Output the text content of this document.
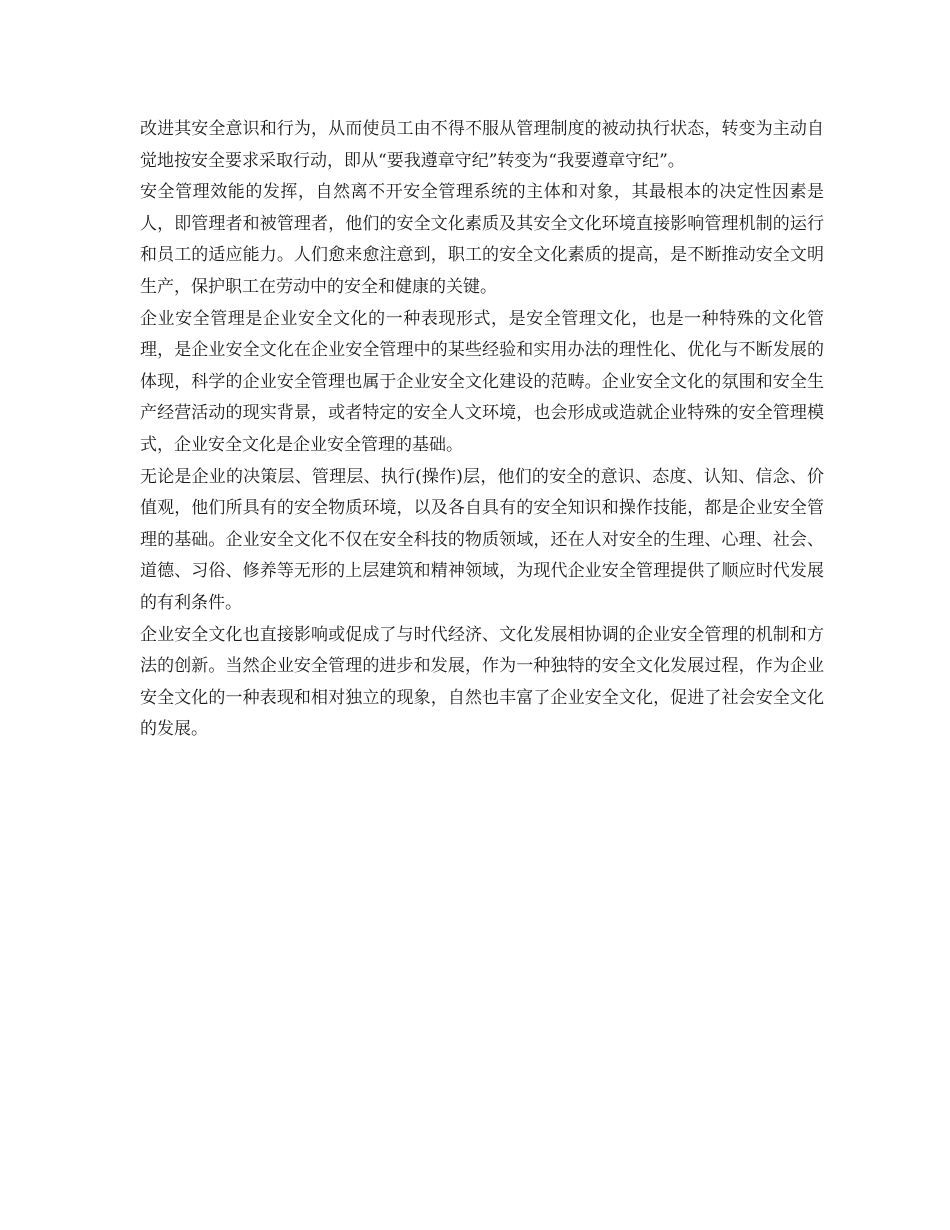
改进其安全意识和行为，从而使员工由不得不服从管理制度的被动执行状态，转变为主动自觉地按安全要求采取行动，即从“要我遵章守纪”转变为“我要遵章守纪”。

安全管理效能的发挥，自然离不开安全管理系统的主体和对象，其最根本的决定性因素是人，即管理者和被管理者，他们的安全文化素质及其安全文化环境直接影响管理机制的运行和员工的适应能力。人们愈来愈注意到，职工的安全文化素质的提高，是不断推动安全文明生产，保护职工在劳动中的安全和健康的关键。

企业安全管理是企业安全文化的一种表现形式，是安全管理文化，也是一种特殊的文化管理，是企业安全文化在企业安全管理中的某些经验和实用办法的理性化、优化与不断发展的体现，科学的企业安全管理也属于企业安全文化建设的范畴。企业安全文化的氛围和安全生产经营活动的现实背景，或者特定的安全人文环境，也会形成或造就企业特殊的安全管理模式，企业安全文化是企业安全管理的基础。

无论是企业的决策层、管理层、执行(操作)层，他们的安全的意识、态度、认知、信念、价值观，他们所具有的安全物质环境，以及各自具有的安全知识和操作技能，都是企业安全管理的基础。企业安全文化不仅在安全科技的物质领域，还在人对安全的生理、心理、社会、道德、习俗、修养等无形的上层建筑和精神领域，为现代企业安全管理提供了顺应时代发展的有利条件。

企业安全文化也直接影响或促成了与时代经济、文化发展相协调的企业安全管理的机制和方法的创新。当然企业安全管理的进步和发展，作为一种独特的安全文化发展过程，作为企业安全文化的一种表现和相对独立的现象，自然也丰富了企业安全文化，促进了社会安全文化的发展。
